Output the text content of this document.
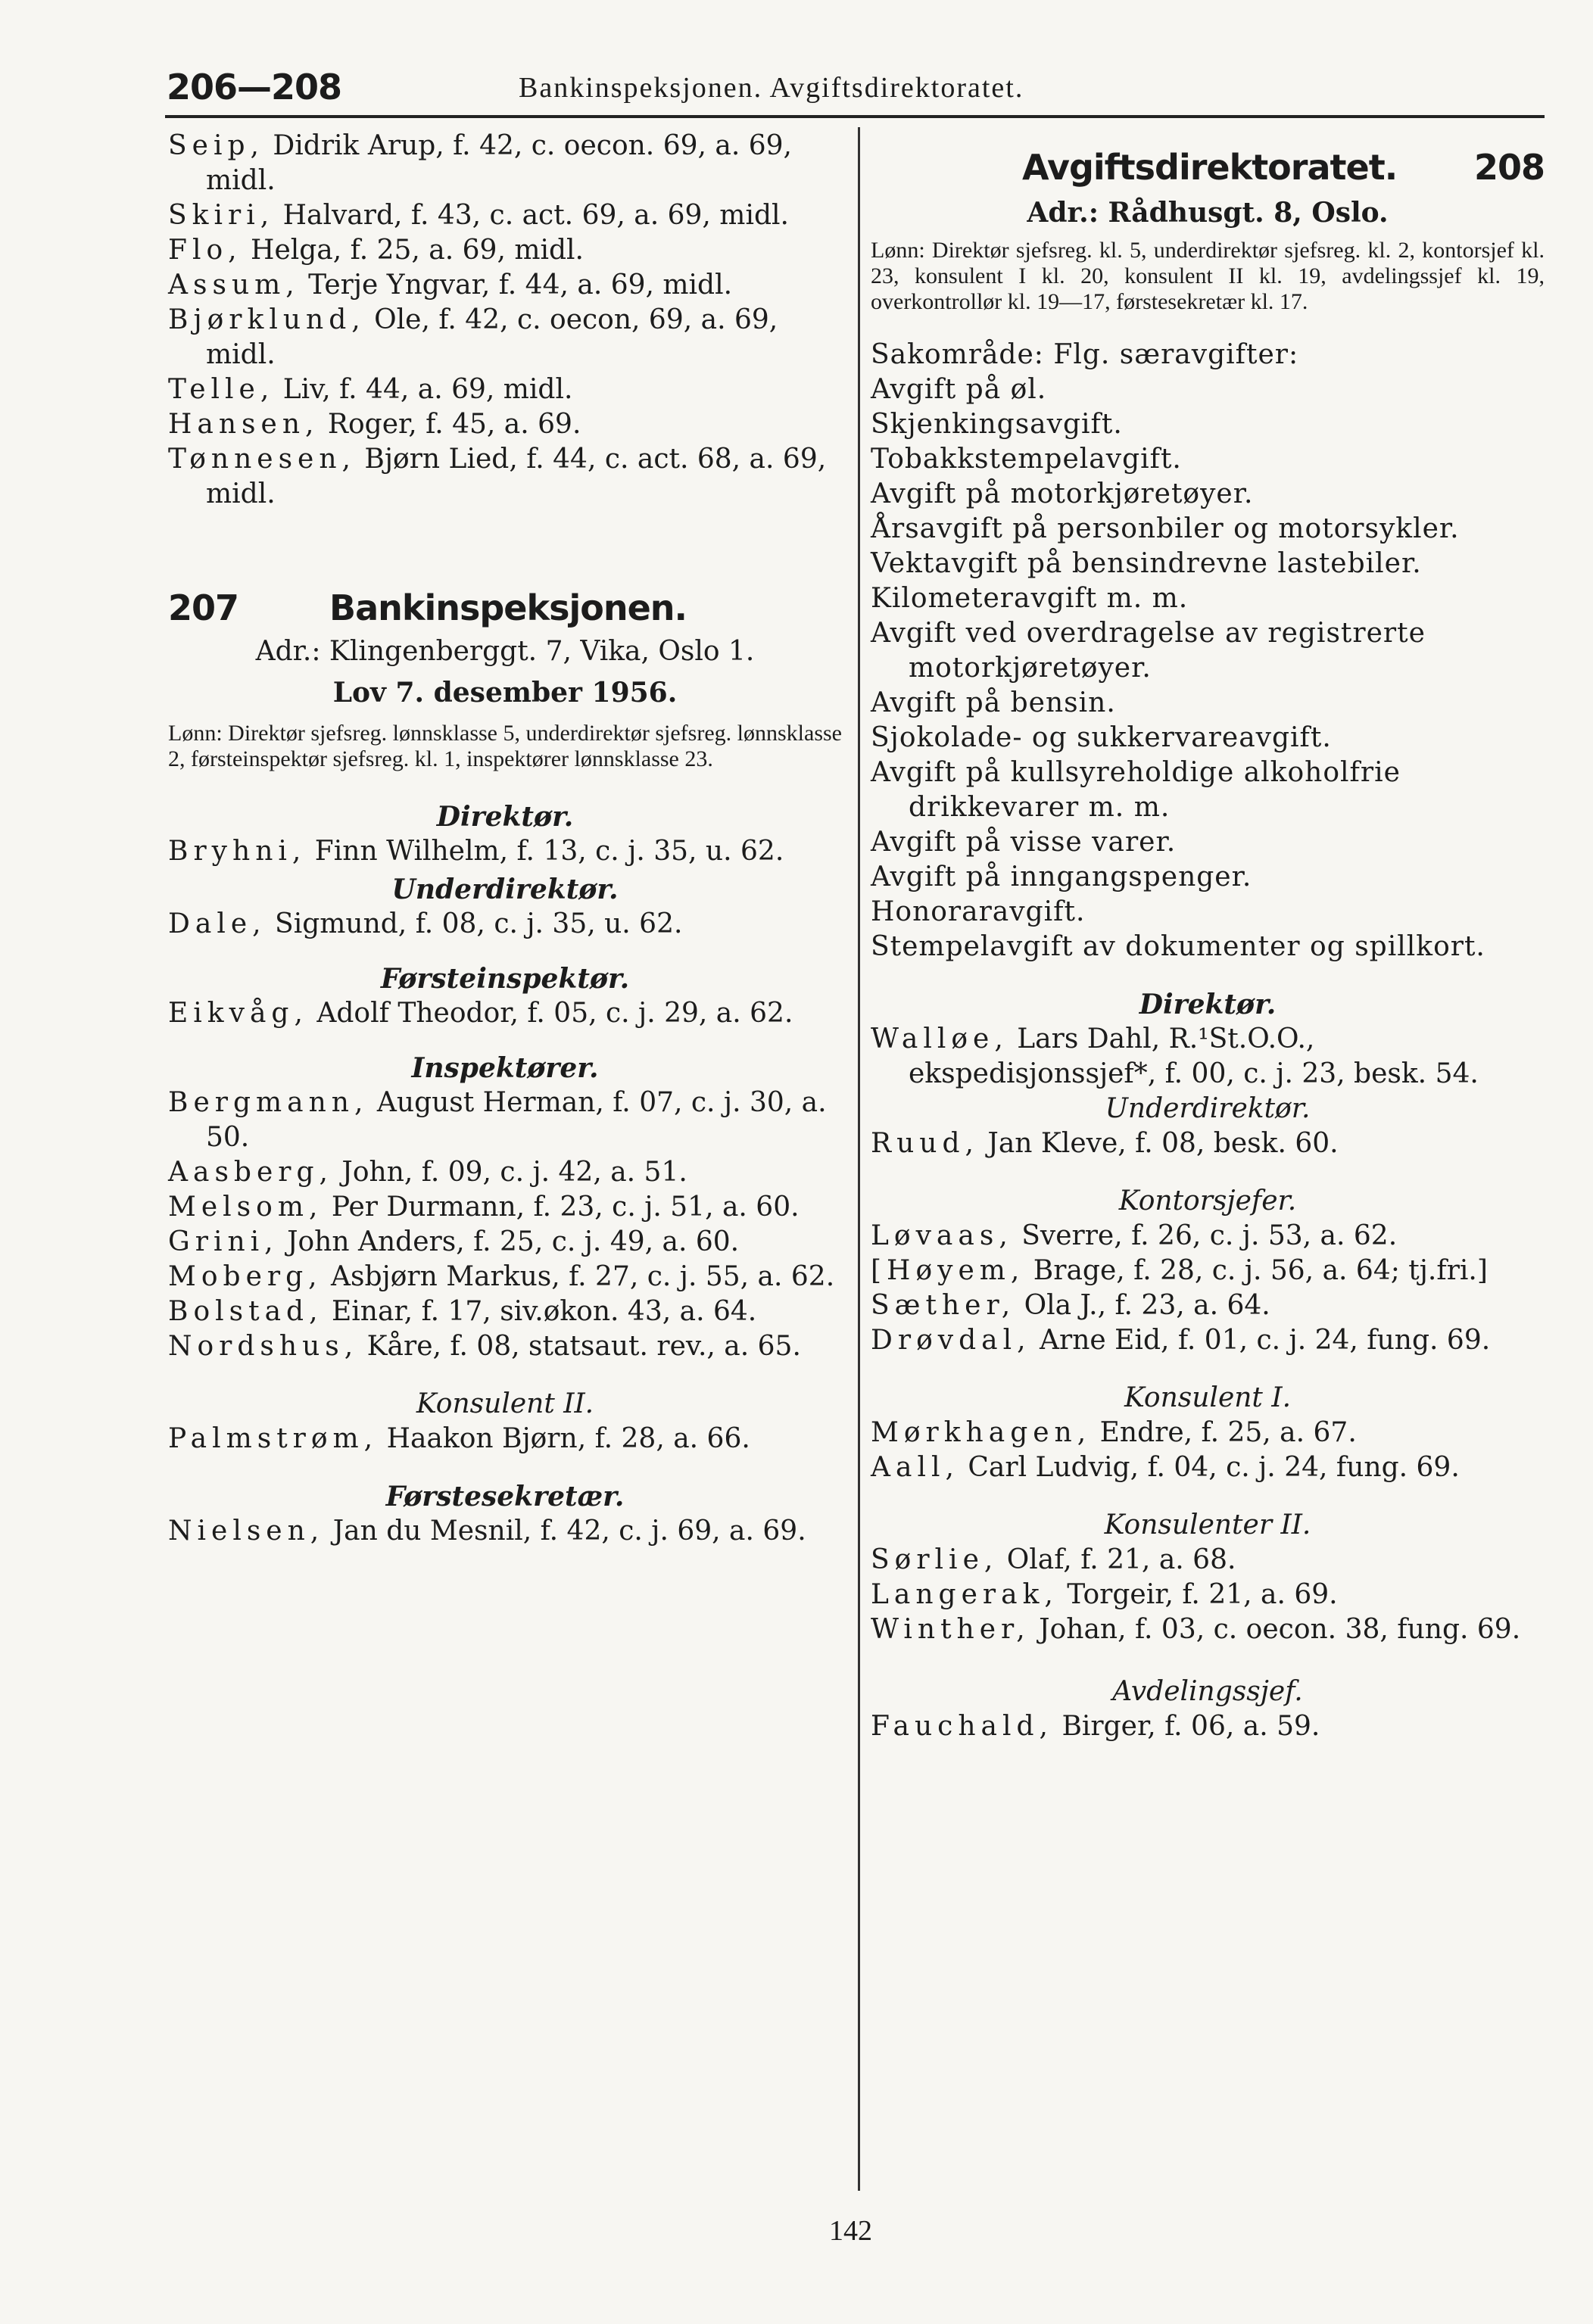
206—208	Bankinspeksjonen. Avgiftsdirektoratet.

Seip, Didrik Arup, f. 42, c. oecon. 69, a. 69, midl.

Skiri, Halvard, f. 43, c. act. 69, a. 69, midl.

Flo, Helga, f. 25, a. 69, midl.

Assum, Terje Yngvar, f. 44, a. 69, midl.

Bjørklund, Ole, f. 42, c. oecon, 69, a. 69, midl.

Telle, Liv, f. 44, a. 69, midl.

Hansen, Roger, f. 45, a. 69.

Tønnesen, Bjørn Lied, f. 44, c. act. 68, a. 69, midl.

207	Bankinspeksjonen.

Adr.: Klingenberggt. 7, Vika, Oslo 1.

Lov 7. desember 1956.

Lønn: Direktør sjefsreg. lønnsklasse 5, underdirektør sjefsreg. lønnsklasse 2, førsteinspektør sjefsreg. kl. 1, inspektører lønnsklasse 23.

Direktør.

Bryhni, Finn Wilhelm, f. 13, c. j. 35, u. 62.

Underdirektør.

Dale, Sigmund, f. 08, c. j. 35, u. 62.

Førsteinspektør.

Eikvåg, Adolf Theodor, f. 05, c. j. 29, a. 62.

Inspektører.

Bergmann, August Herman, f. 07, c. j. 30, a. 50.

Aasberg, John, f. 09, c. j. 42, a. 51.

Melsom, Per Durmann, f. 23, c. j. 51, a. 60.

Grini, John Anders, f. 25, c. j. 49, a. 60.

Moberg, Asbjørn Markus, f. 27, c. j. 55, a. 62.

Bolstad, Einar, f. 17, siv.økon. 43, a. 64.

Nordshus, Kåre, f. 08, statsaut. rev., a. 65.

Konsulent II.

Palmstrøm, Haakon Bjørn, f. 28, a. 66.

Førstesekretær.

Nielsen, Jan du Mesnil, f. 42, c. j. 69, a. 69.

Avgiftsdirektoratet. 208

Adr.: Rådhusgt. 8, Oslo.

Lønn: Direktør sjefsreg. kl. 5, underdirektør sjefsreg. kl. 2, kontorsjef kl. 23, konsulent I kl. 20, konsulent II kl. 19, avdelingssjef kl. 19, overkontrollør kl. 19—17, førstesekretær kl. 17.

Sakområde: Flg. særavgifter:

Avgift på øl.

Skjenkingsavgift.

Tobakkstempelavgift.

Avgift på motorkjøretøyer.

Årsavgift på personbiler og motorsykler.

Vektavgift på bensindrevne lastebiler.

Kilometeravgift m. m.

Avgift ved overdragelse av registrerte motorkjøretøyer.

Avgift på bensin.

Sjokolade- og sukkervareavgift.

Avgift på kullsyreholdige alkoholfrie drikkevarer m. m.

Avgift på visse varer.

Avgift på inngangspenger.

Honoraravgift.

Stempelavgift av dokumenter og spillkort.

Direktør.

Walløe, Lars Dahl, R.¹St.O.O., ekspedisjonssjef*, f. 00, c. j. 23, besk. 54.

Underdirektør.

Ruud, Jan Kleve, f. 08, besk. 60.

Kontorsjefer.

Løvaas, Sverre, f. 26, c. j. 53, a. 62.

[Høyem, Brage, f. 28, c. j. 56, a. 64; tj.fri.]

Sæther, Ola J., f. 23, a. 64.

Drøvdal, Arne Eid, f. 01, c. j. 24, fung. 69.

Konsulent I.

Mørkhagen, Endre, f. 25, a. 67.

Aall, Carl Ludvig, f. 04, c. j. 24, fung. 69.

Konsulenter II.

Sørlie, Olaf, f. 21, a. 68.

Langerak, Torgeir, f. 21, a. 69.

Winther, Johan, f. 03, c. oecon. 38, fung. 69.

Avdelingssjef.

Fauchald, Birger, f. 06, a. 59.

142
